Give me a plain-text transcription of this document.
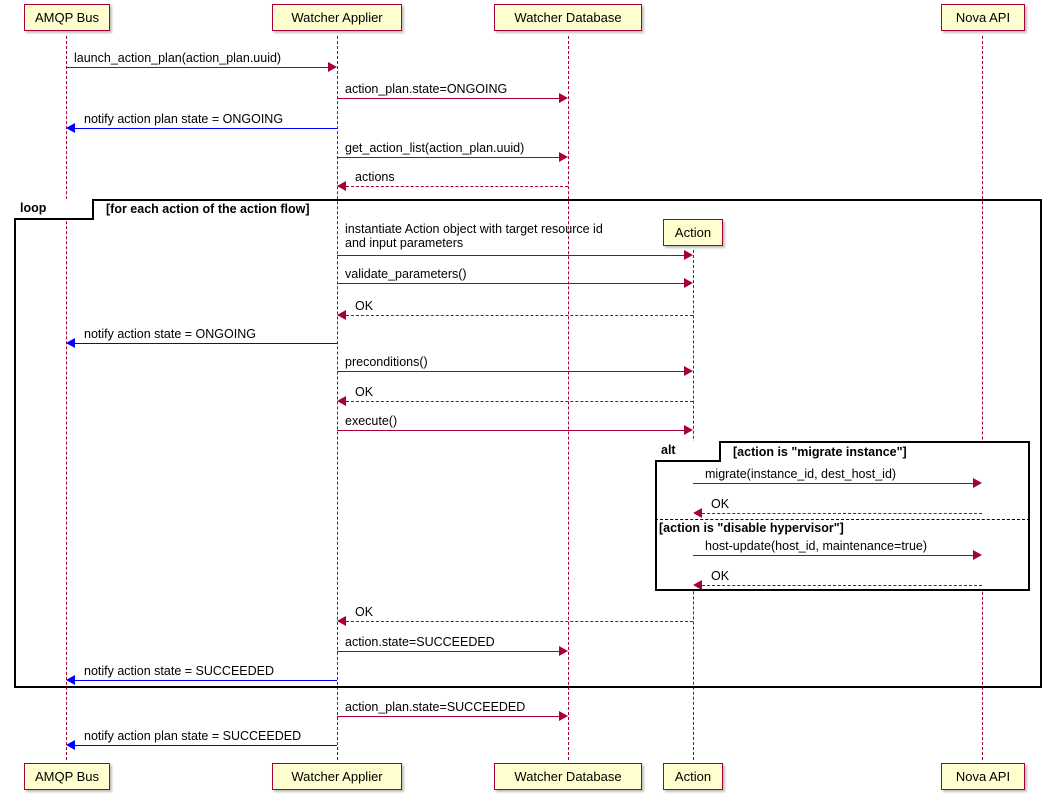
loop	[for each action of the action flow]
launch_action_plan(action_plan.uuid)
action_plan.state=ONGOING
notify action plan state = ONGOING
get_action_list(action_plan.uuid)
actions
instantiate Action object with target resource id
and input parameters
validate_parameters()
OK
notify action state = ONGOING
preconditions()
OK
execute()
alt	[action is "migrate instance"]
[action is "disable hypervisor"]
migrate(instance_id, dest_host_id)
OK
host-update(host_id, maintenance=true)
OK
OK
action.state=SUCCEEDED
notify action state = SUCCEEDED
action_plan.state=SUCCEEDED
notify action plan state = SUCCEEDED
AMQP Bus	Watcher Applier	Watcher Database	Nova API
Action
AMQP Bus	Watcher Applier	Watcher Database	Action	Nova API
